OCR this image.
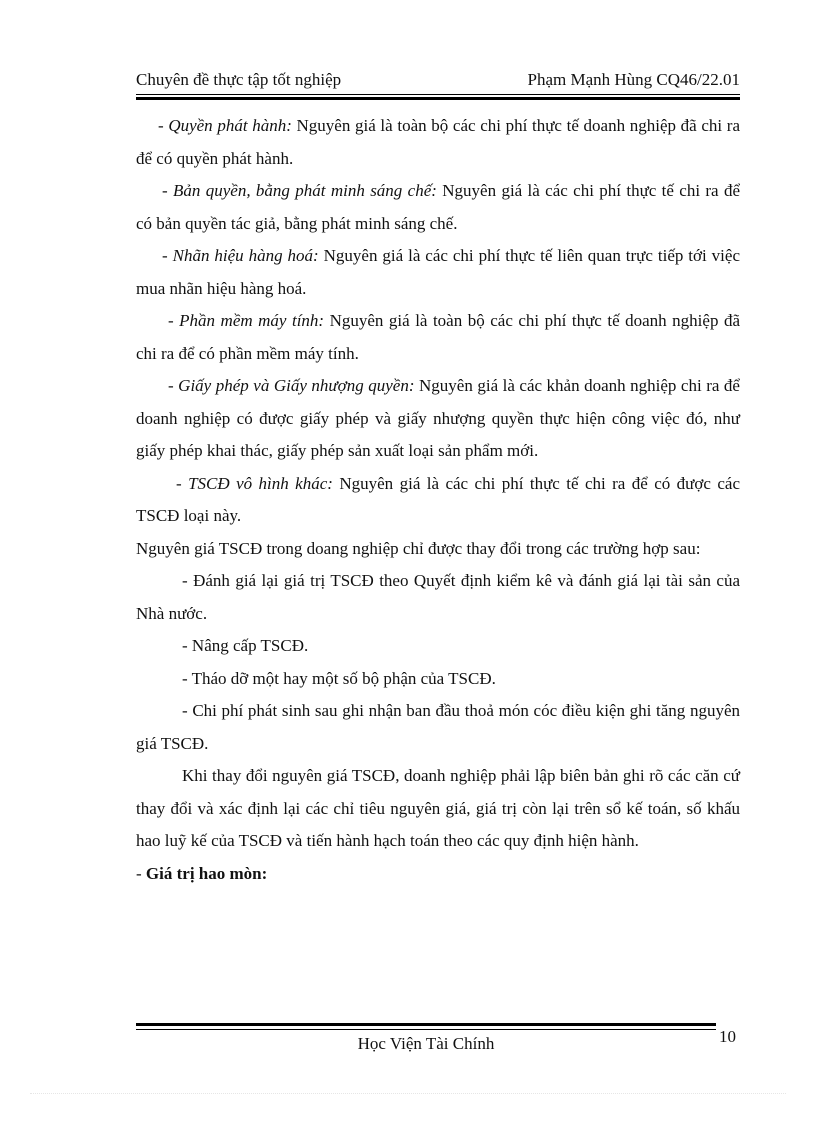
Chuyên đề thực tập tốt nghiệp	Phạm Mạnh Hùng CQ46/22.01

- Quyền phát hành: Nguyên giá là toàn bộ các chi phí thực tế doanh nghiệp đã chi ra để có quyền phát hành.

- Bản quyền, bằng phát minh sáng chế: Nguyên giá là các chi phí thực tế chi ra để có bản quyền tác giả, bằng phát minh sáng chế.

- Nhãn hiệu hàng hoá: Nguyên giá là các chi phí thực tế liên quan trực tiếp tới việc mua nhãn hiệu hàng hoá.

- Phần mềm máy tính: Nguyên giá là toàn bộ các chi phí thực tế doanh nghiệp đã chi ra để có phần mềm máy tính.

- Giấy phép và Giấy nhượng quyền: Nguyên giá là các khản doanh nghiệp chi ra để doanh nghiệp có được giấy phép và giấy nhượng quyền thực hiện công việc đó, như giấy phép khai thác, giấy phép sản xuất loại sản phẩm mới.

- TSCĐ vô hình khác: Nguyên giá là các chi phí thực tế chi ra để có được các TSCĐ loại này.

Nguyên giá TSCĐ trong doang nghiệp chỉ được thay đổi trong các trường hợp sau:

- Đánh giá lại giá trị TSCĐ theo Quyết định kiểm kê và đánh giá lại tài sản của Nhà nước.

- Nâng cấp TSCĐ.

- Tháo dỡ một hay một số bộ phận của TSCĐ.

- Chi phí phát sinh sau ghi nhận ban đầu thoả món cóc điều kiện ghi tăng nguyên giá TSCĐ.

Khi thay đổi nguyên giá TSCĐ, doanh nghiệp phải lập biên bản ghi rõ các căn cứ thay đổi và xác định lại các chỉ tiêu nguyên giá, giá trị còn lại trên sổ kế toán, số khấu hao luỹ kế của TSCĐ và tiến hành hạch toán theo các quy định hiện hành.

- Giá trị hao mòn:

Học Viện Tài Chính	10
